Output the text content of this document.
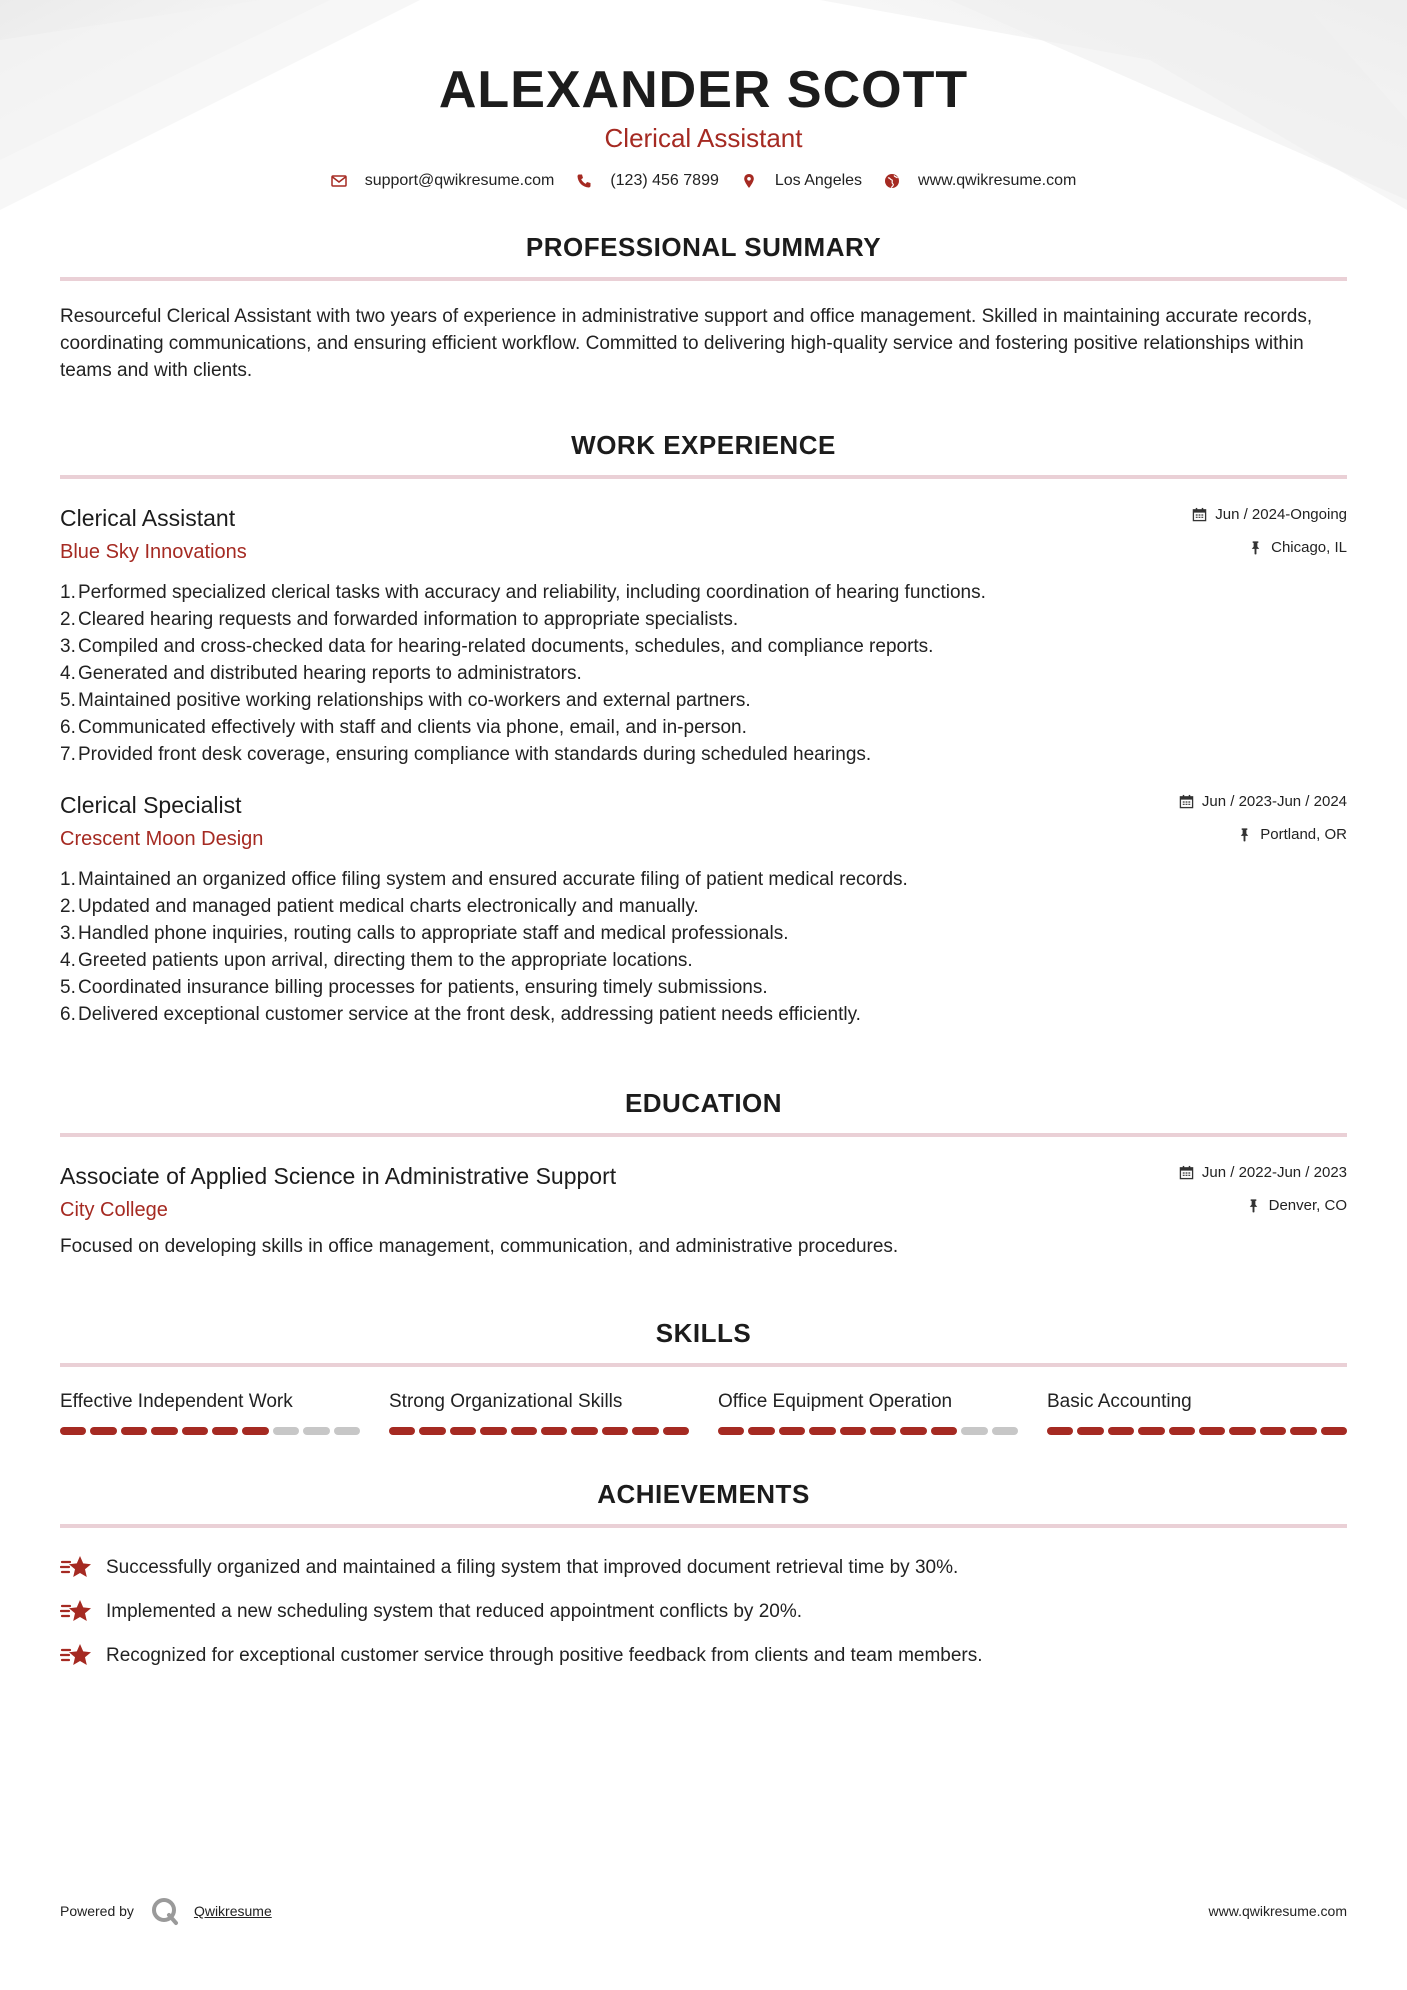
ALEXANDER SCOTT
Clerical Assistant
support@qwikresume.com	(123) 456 7899	Los Angeles	www.qwikresume.com
PROFESSIONAL SUMMARY

Resourceful Clerical Assistant with two years of experience in administrative support and office management. Skilled in maintaining accurate records, coordinating communications, and ensuring efficient workflow. Committed to delivering high-quality service and fostering positive relationships within teams and with clients.

WORK EXPERIENCE
Clerical Assistant
Blue Sky Innovations
Jun / 2024-Ongoing
Chicago, IL
1. Performed specialized clerical tasks with accuracy and reliability, including coordination of hearing functions.
2. Cleared hearing requests and forwarded information to appropriate specialists.
3. Compiled and cross-checked data for hearing-related documents, schedules, and compliance reports.
4. Generated and distributed hearing reports to administrators.
5. Maintained positive working relationships with co-workers and external partners.
6. Communicated effectively with staff and clients via phone, email, and in-person.
7. Provided front desk coverage, ensuring compliance with standards during scheduled hearings.
Clerical Specialist
Crescent Moon Design
Jun / 2023-Jun / 2024
Portland, OR
1. Maintained an organized office filing system and ensured accurate filing of patient medical records.
2. Updated and managed patient medical charts electronically and manually.
3. Handled phone inquiries, routing calls to appropriate staff and medical professionals.
4. Greeted patients upon arrival, directing them to the appropriate locations.
5. Coordinated insurance billing processes for patients, ensuring timely submissions.
6. Delivered exceptional customer service at the front desk, addressing patient needs efficiently.
EDUCATION
Associate of Applied Science in Administrative Support
City College
Jun / 2022-Jun / 2023
Denver, CO

Focused on developing skills in office management, communication, and administrative procedures.

SKILLS
Effective Independent Work	Strong Organizational Skills	Office Equipment Operation	Basic Accounting
ACHIEVEMENTS
Successfully organized and maintained a filing system that improved document retrieval time by 30%.
Implemented a new scheduling system that reduced appointment conflicts by 20%.
Recognized for exceptional customer service through positive feedback from clients and team members.
Powered by	Qwikresume	www.qwikresume.com
